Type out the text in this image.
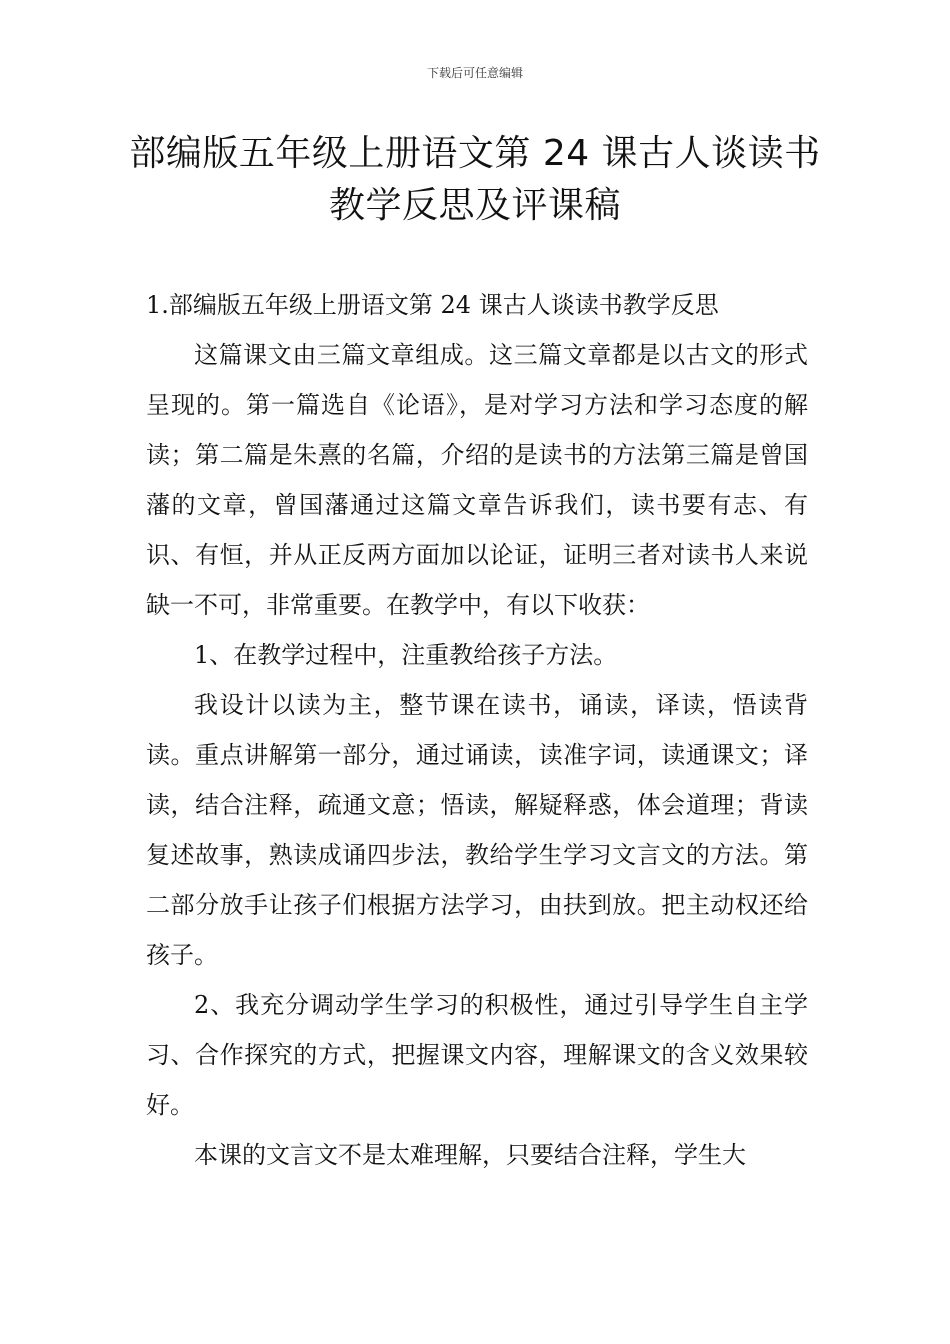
下载后可任意编辑
部编版五年级上册语文第 24 课古人谈读书
教学反思及评课稿

1.部编版五年级上册语文第 24 课古人谈读书教学反思

这篇课文由三篇文章组成。这三篇文章都是以古文的形式呈现的。第一篇选自《论语》，是对学习方法和学习态度的解读；第二篇是朱熹的名篇，介绍的是读书的方法第三篇是曾国藩的文章，曾国藩通过这篇文章告诉我们，读书要有志、有识、有恒，并从正反两方面加以论证，证明三者对读书人来说缺一不可，非常重要。在教学中，有以下收获：

1、在教学过程中，注重教给孩子方法。

我设计以读为主，整节课在读书，诵读，译读，悟读背读。重点讲解第一部分，通过诵读，读准字词，读通课文；译读，结合注释，疏通文意；悟读，解疑释惑，体会道理；背读复述故事，熟读成诵四步法，教给学生学习文言文的方法。第二部分放手让孩子们根据方法学习，由扶到放。把主动权还给孩子。

2、我充分调动学生学习的积极性，通过引导学生自主学习、合作探究的方式，把握课文内容，理解课文的含义效果较好。

本课的文言文不是太难理解，只要结合注释，学生大
